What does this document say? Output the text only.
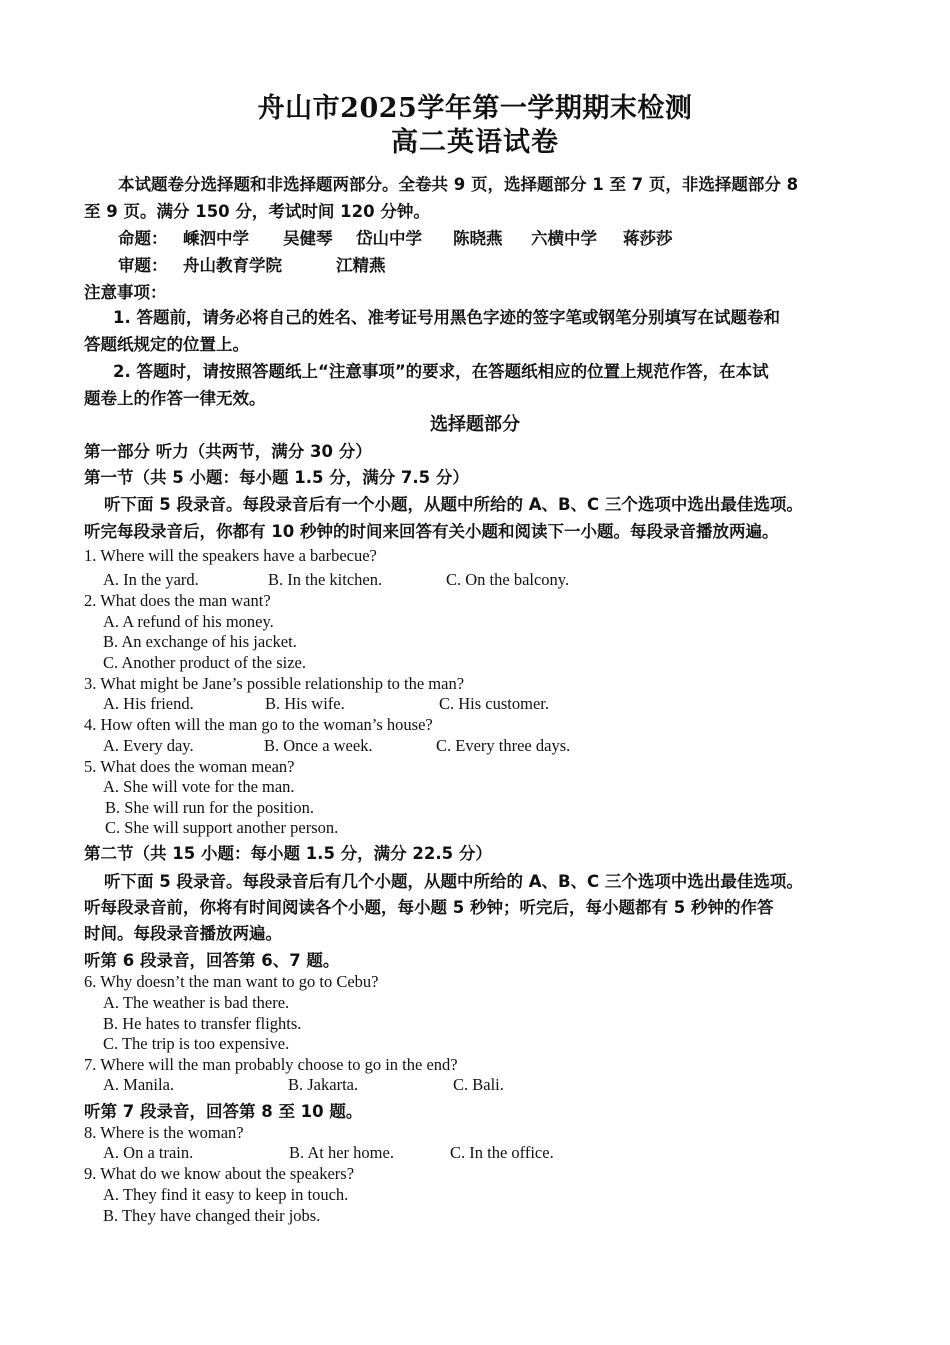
舟山市2025学年第一学期期末检测
高二英语试卷
本试题卷分选择题和非选择题两部分。全卷共 9 页，选择题部分 1 至 7 页，非选择题部分 8
至 9 页。满分 150 分，考试时间 120 分钟。
命题： 嵊泗中学 吴健琴 岱山中学 陈晓燕 六横中学 蒋莎莎
审题： 舟山教育学院	江精燕
注意事项：
1. 答题前，请务必将自己的姓名、准考证号用黑色字迹的签字笔或钢笔分别填写在试题卷和
答题纸规定的位置上。
2. 答题时，请按照答题纸上“注意事项”的要求，在答题纸相应的位置上规范作答，在本试
题卷上的作答一律无效。
选择题部分
第一部分 听力（共两节，满分 30 分）
第一节（共 5 小题：每小题 1.5 分，满分 7.5 分）
听下面 5 段录音。每段录音后有一个小题，从题中所给的 A、B、C 三个选项中选出最佳选项。
听完每段录音后，你都有 10 秒钟的时间来回答有关小题和阅读下一小题。每段录音播放两遍。
1. Where will the speakers have a barbecue?
A. In the yard.	B. In the kitchen.	C. On the balcony.
2. What does the man want?
A. A refund of his money.
B. An exchange of his jacket.
C. Another product of the size.
3. What might be Jane’s possible relationship to the man?
A. His friend.	B. His wife.	C. His customer.
4. How often will the man go to the woman’s house?
A. Every day.	B. Once a week.	C. Every three days.
5. What does the woman mean?
A. She will vote for the man.
B. She will run for the position.
C. She will support another person.
第二节（共 15 小题：每小题 1.5 分，满分 22.5 分）
听下面 5 段录音。每段录音后有几个小题，从题中所给的 A、B、C 三个选项中选出最佳选项。
听每段录音前，你将有时间阅读各个小题，每小题 5 秒钟；听完后，每小题都有 5 秒钟的作答
时间。每段录音播放两遍。
听第 6 段录音，回答第 6、7 题。
6. Why doesn’t the man want to go to Cebu?
A. The weather is bad there.
B. He hates to transfer flights.
C. The trip is too expensive.
7. Where will the man probably choose to go in the end?
A. Manila.	B. Jakarta.	C. Bali.
听第 7 段录音，回答第 8 至 10 题。
8. Where is the woman?
A. On a train.	B. At her home.	C. In the office.
9. What do we know about the speakers?
A. They find it easy to keep in touch.
B. They have changed their jobs.
